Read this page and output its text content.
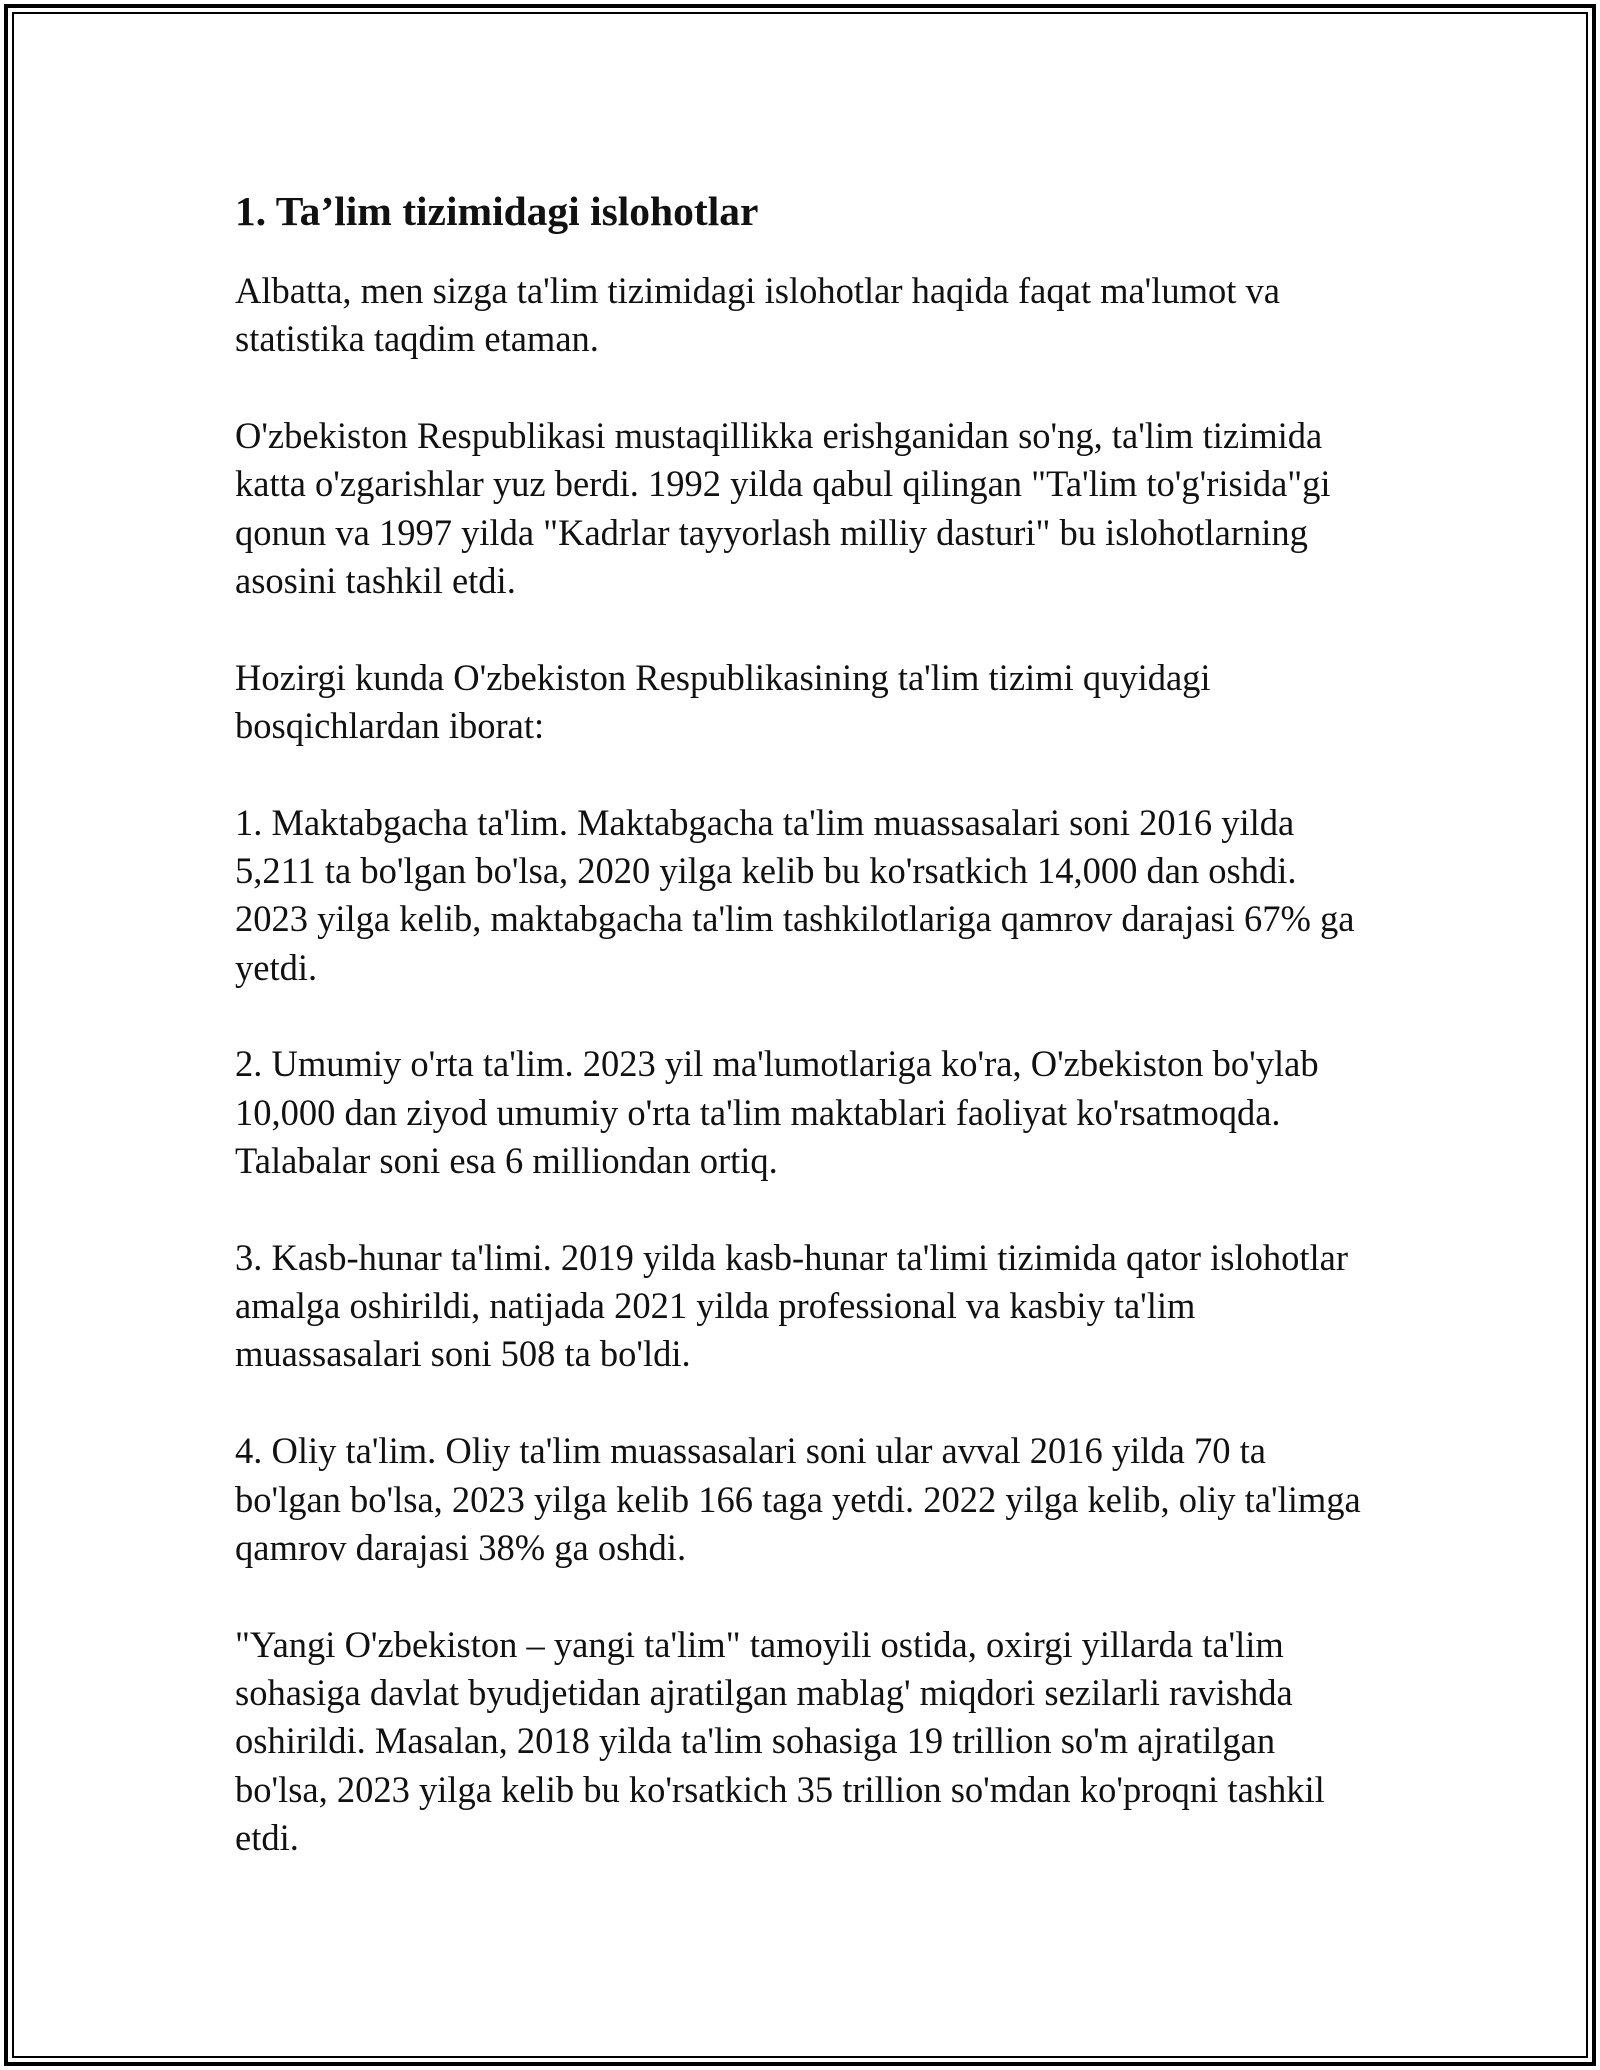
1. Ta’lim tizimidagi islohotlar

Albatta, men sizga ta'lim tizimidagi islohotlar haqida faqat ma'lumot va statistika taqdim etaman.

O'zbekiston Respublikasi mustaqillikka erishganidan so'ng, ta'lim tizimida katta o'zgarishlar yuz berdi. 1992 yilda qabul qilingan "Ta'lim to'g'risida"gi qonun va 1997 yilda "Kadrlar tayyorlash milliy dasturi" bu islohotlarning asosini tashkil etdi.

Hozirgi kunda O'zbekiston Respublikasining ta'lim tizimi quyidagi bosqichlardan iborat:

1. Maktabgacha ta'lim. Maktabgacha ta'lim muassasalari soni 2016 yilda 5,211 ta bo'lgan bo'lsa, 2020 yilga kelib bu ko'rsatkich 14,000 dan oshdi. 2023 yilga kelib, maktabgacha ta'lim tashkilotlariga qamrov darajasi 67% ga yetdi.

2. Umumiy o'rta ta'lim. 2023 yil ma'lumotlariga ko'ra, O'zbekiston bo'ylab 10,000 dan ziyod umumiy o'rta ta'lim maktablari faoliyat ko'rsatmoqda. Talabalar soni esa 6 milliondan ortiq.

3. Kasb-hunar ta'limi. 2019 yilda kasb-hunar ta'limi tizimida qator islohotlar amalga oshirildi, natijada 2021 yilda professional va kasbiy ta'lim muassasalari soni 508 ta bo'ldi.

4. Oliy ta'lim. Oliy ta'lim muassasalari soni ular avval 2016 yilda 70 ta bo'lgan bo'lsa, 2023 yilga kelib 166 taga yetdi. 2022 yilga kelib, oliy ta'limga qamrov darajasi 38% ga oshdi.

"Yangi O'zbekiston – yangi ta'lim" tamoyili ostida, oxirgi yillarda ta'lim sohasiga davlat byudjetidan ajratilgan mablag' miqdori sezilarli ravishda oshirildi. Masalan, 2018 yilda ta'lim sohasiga 19 trillion so'm ajratilgan bo'lsa, 2023 yilga kelib bu ko'rsatkich 35 trillion so'mdan ko'proqni tashkil etdi.
